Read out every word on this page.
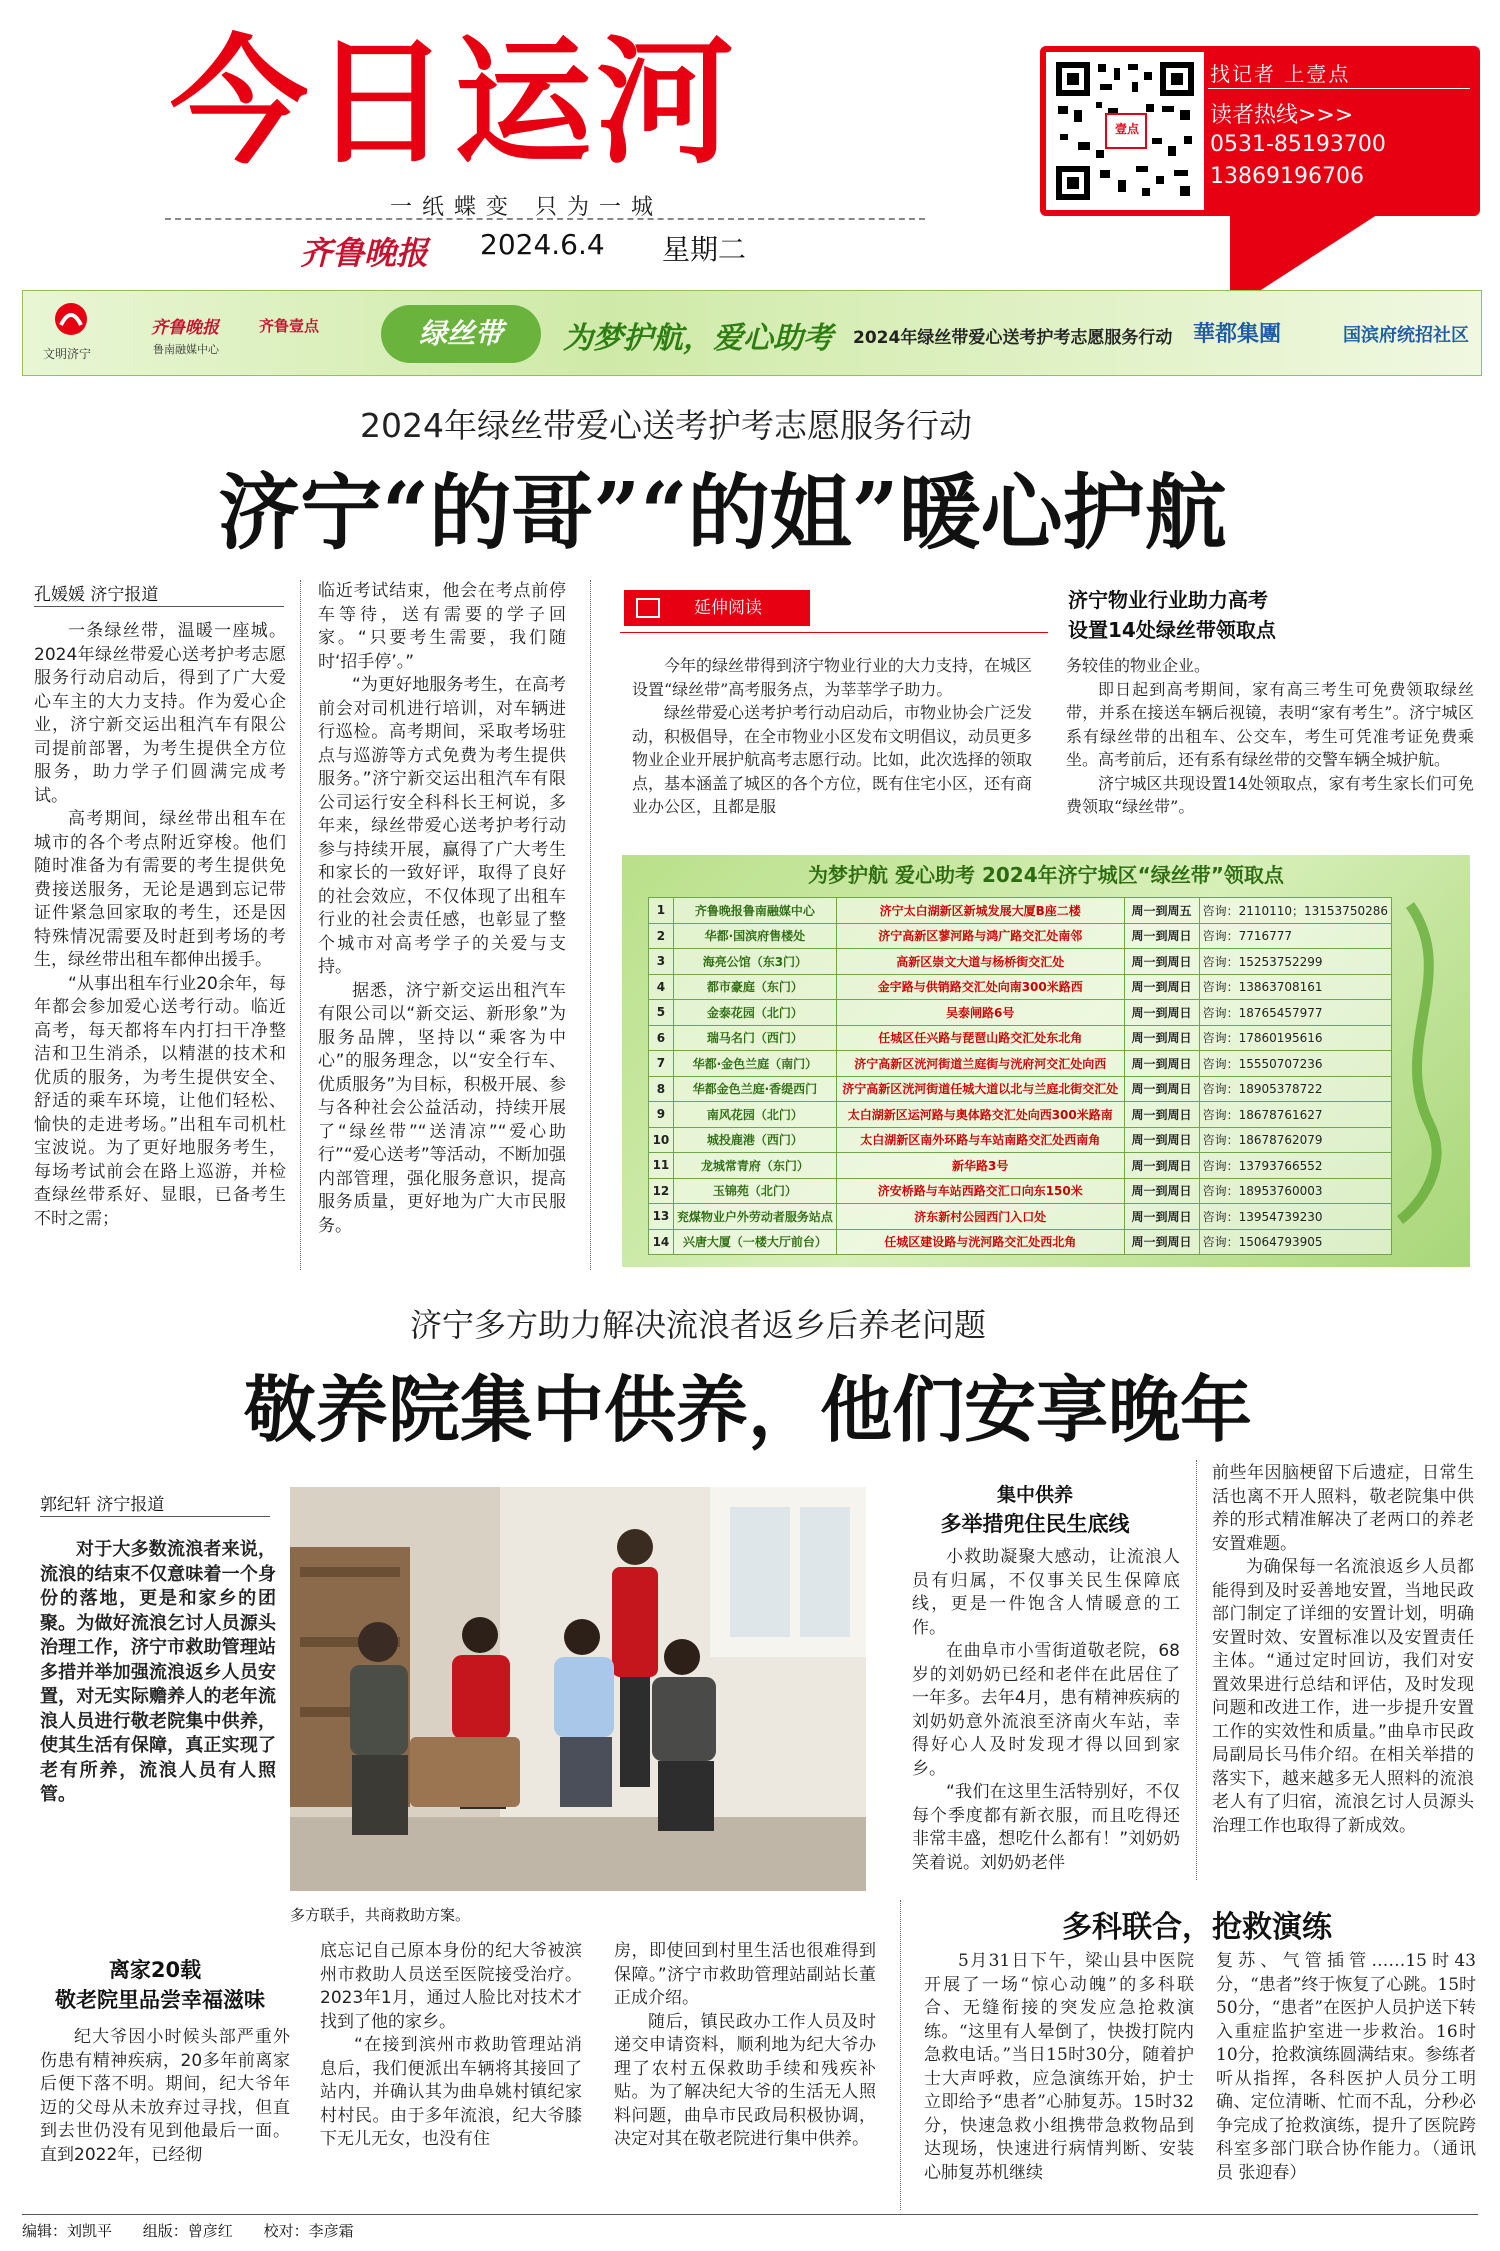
今日运河
一纸蝶变 只为一城
齐鲁晚报 2024.6.4 星期二
壹点
找记者 上壹点
读者热线>>>
0531-85193700
13869196706
文明济宁
齐鲁晚报
鲁南融媒中心
齐鲁壹点	绿丝带	为梦护航，爱心助考 2024年绿丝带爱心送考护考志愿服务行动 華都集團	国滨府统招社区
2024年绿丝带爱心送考护考志愿服务行动
济宁“的哥”“的姐”暖心护航
孔媛媛 济宁报道

一条绿丝带，温暖一座城。2024年绿丝带爱心送考护考志愿服务行动启动后，得到了广大爱心车主的大力支持。作为爱心企业，济宁新交运出租汽车有限公司提前部署，为考生提供全方位服务，助力学子们圆满完成考试。

高考期间，绿丝带出租车在城市的各个考点附近穿梭。他们随时准备为有需要的考生提供免费接送服务，无论是遇到忘记带证件紧急回家取的考生，还是因特殊情况需要及时赶到考场的考生，绿丝带出租车都伸出援手。

“从事出租车行业20余年，每年都会参加爱心送考行动。临近高考，每天都将车内打扫干净整洁和卫生消杀，以精湛的技术和优质的服务，为考生提供安全、舒适的乘车环境，让他们轻松、愉快的走进考场。”出租车司机杜宝波说。为了更好地服务考生，每场考试前会在路上巡游，并检查绿丝带系好、显眼，已备考生不时之需；

临近考试结束，他会在考点前停车等待，送有需要的学子回家。“只要考生需要，我们随时‘招手停’。”

“为更好地服务考生，在高考前会对司机进行培训，对车辆进行巡检。高考期间，采取考场驻点与巡游等方式免费为考生提供服务。”济宁新交运出租汽车有限公司运行安全科科长王柯说，多年来，绿丝带爱心送考护考行动参与持续开展，赢得了广大考生和家长的一致好评，取得了良好的社会效应，不仅体现了出租车行业的社会责任感，也彰显了整个城市对高考学子的关爱与支持。

据悉，济宁新交运出租汽车有限公司以“新交运、新形象”为服务品牌，坚持以“乘客为中心”的服务理念，以“安全行车、优质服务”为目标，积极开展、参与各种社会公益活动，持续开展了“绿丝带”“送清凉”“爱心助行”“爱心送考”等活动，不断加强内部管理，强化服务意识，提高服务质量，更好地为广大市民服务。

延伸阅读	济宁物业行业助力高考
设置14处绿丝带领取点

今年的绿丝带得到济宁物业行业的大力支持，在城区设置“绿丝带”高考服务点，为莘莘学子助力。

绿丝带爱心送考护考行动启动后，市物业协会广泛发动，积极倡导，在全市物业小区发布文明倡议，动员更多物业企业开展护航高考志愿行动。比如，此次选择的领取点，基本涵盖了城区的各个方位，既有住宅小区，还有商业办公区，且都是服

务较佳的物业企业。

即日起到高考期间，家有高三考生可免费领取绿丝带，并系在接送车辆后视镜，表明“家有考生”。济宁城区系有绿丝带的出租车、公交车，考生可凭准考证免费乘坐。高考前后，还有系有绿丝带的交警车辆全城护航。

济宁城区共现设置14处领取点，家有考生家长们可免费领取“绿丝带”。

为梦护航 爱心助考 2024年济宁城区“绿丝带”领取点
1	齐鲁晚报鲁南融媒中心	济宁太白湖新区新城发展大厦B座二楼	周一到周五	咨询：2110110；13153750286
2	华都·国滨府售楼处	济宁高新区蓼河路与鸿广路交汇处南邻	周一到周日	咨询：7716777
3	海亮公馆（东3门）	高新区崇文大道与杨桥街交汇处	周一到周日	咨询：15253752299
4	都市豪庭（东门）	金宇路与供销路交汇处向南300米路西	周一到周日	咨询：13863708161
5	金泰花园（北门）	吴泰闸路6号	周一到周日	咨询：18765457977
6	瑞马名门（西门）	任城区任兴路与琵琶山路交汇处东北角	周一到周日	咨询：17860195616
7	华都·金色兰庭（南门）	济宁高新区洸河街道兰庭街与洸府河交汇处向西	周一到周日	咨询：15550707236
8	华都金色兰庭·香缇西门	济宁高新区洸河街道任城大道以北与兰庭北街交汇处	周一到周日	咨询：18905378722
9	南风花园（北门）	太白湖新区运河路与奥体路交汇处向西300米路南	周一到周日	咨询：18678761627
10	城投鹿港（西门）	太白湖新区南外环路与车站南路交汇处西南角	周一到周日	咨询：18678762079
11	龙城常青府（东门）	新华路3号	周一到周日	咨询：13793766552
12	玉锦苑（北门）	济安桥路与车站西路交汇口向东150米	周一到周日	咨询：18953760003
13	兖煤物业户外劳动者服务站点	济东新村公园西门入口处	周一到周日	咨询：13954739230
14	兴唐大厦（一楼大厅前台）	任城区建设路与洸河路交汇处西北角	周一到周日	咨询：15064793905
济宁多方助力解决流浪者返乡后养老问题
敬养院集中供养，他们安享晚年
郭纪轩 济宁报道

对于大多数流浪者来说，流浪的结束不仅意味着一个身份的落地，更是和家乡的团聚。为做好流浪乞讨人员源头治理工作，济宁市救助管理站多措并举加强流浪返乡人员安置，对无实际赡养人的老年流浪人员进行敬老院集中供养，使其生活有保障，真正实现了老有所养，流浪人员有人照管。

多方联手，共商救助方案。
集中供养
多举措兜住民生底线

小救助凝聚大感动，让流浪人员有归属，不仅事关民生保障底线，更是一件饱含人情暖意的工作。

在曲阜市小雪街道敬老院，68岁的刘奶奶已经和老伴在此居住了一年多。去年4月，患有精神疾病的刘奶奶意外流浪至济南火车站，幸得好心人及时发现才得以回到家乡。

“我们在这里生活特别好，不仅每个季度都有新衣服，而且吃得还非常丰盛，想吃什么都有！”刘奶奶笑着说。刘奶奶老伴

前些年因脑梗留下后遗症，日常生活也离不开人照料，敬老院集中供养的形式精准解决了老两口的养老安置难题。

为确保每一名流浪返乡人员都能得到及时妥善地安置，当地民政部门制定了详细的安置计划，明确安置时效、安置标准以及安置责任主体。“通过定时回访，我们对安置效果进行总结和评估，及时发现问题和改进工作，进一步提升安置工作的实效性和质量。”曲阜市民政局副局长马伟介绍。在相关举措的落实下，越来越多无人照料的流浪老人有了归宿，流浪乞讨人员源头治理工作也取得了新成效。

离家20载
敬老院里品尝幸福滋味

纪大爷因小时候头部严重外伤患有精神疾病，20多年前离家后便下落不明。期间，纪大爷年迈的父母从未放弃过寻找，但直到去世仍没有见到他最后一面。直到2022年，已经彻

底忘记自己原本身份的纪大爷被滨州市救助人员送至医院接受治疗。2023年1月，通过人脸比对技术才找到了他的家乡。

“在接到滨州市救助管理站消息后，我们便派出车辆将其接回了站内，并确认其为曲阜姚村镇纪家村村民。由于多年流浪，纪大爷膝下无儿无女，也没有住

房，即使回到村里生活也很难得到保障。”济宁市救助管理站副站长董正成介绍。

随后，镇民政办工作人员及时递交申请资料，顺利地为纪大爷办理了农村五保救助手续和残疾补贴。为了解决纪大爷的生活无人照料问题，曲阜市民政局积极协调，决定对其在敬老院进行集中供养。

多科联合，抢救演练

5月31日下午，梁山县中医院开展了一场“惊心动魄”的多科联合、无缝衔接的突发应急抢救演练。“这里有人晕倒了，快拨打院内急救电话。”当日15时30分，随着护士大声呼救，应急演练开始，护士立即给予“患者”心肺复苏。15时32分，快速急救小组携带急救物品到达现场，快速进行病情判断、安装心肺复苏机继续

复苏、气管插管……15时43分，“患者”终于恢复了心跳。15时50分，“患者”在医护人员护送下转入重症监护室进一步救治。16时10分，抢救演练圆满结束。参练者听从指挥，各科医护人员分工明确、定位清晰、忙而不乱，分秒必争完成了抢救演练，提升了医院跨科室多部门联合协作能力。（通讯员 张迎春）

编辑：刘凯平 组版：曾彦红 校对：李彦霜
